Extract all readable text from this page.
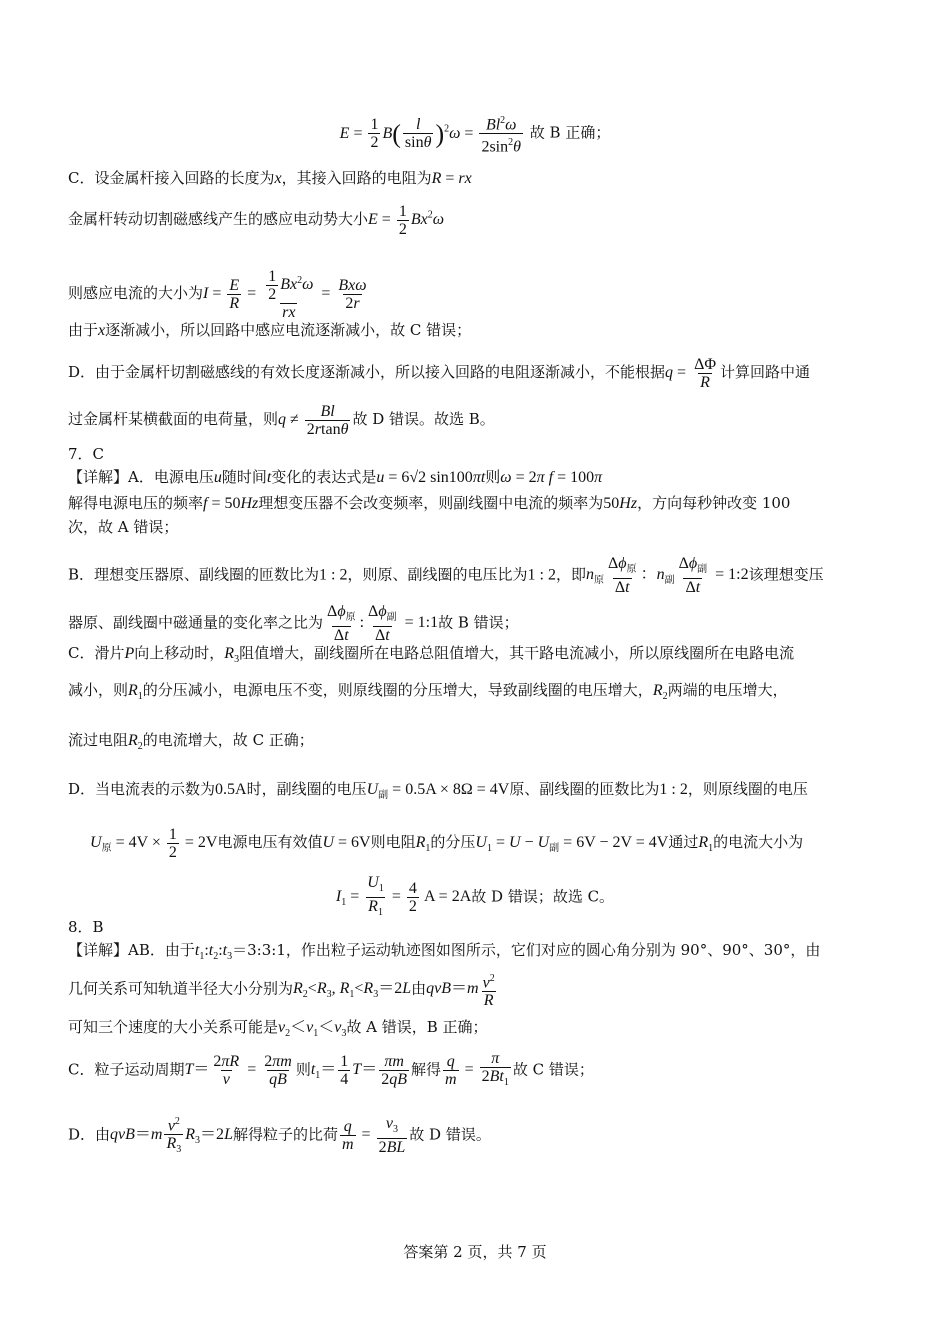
$E = \frac{1}{2} B( \frac{l}{\sin\theta} )^2\omega = \frac{Bl^2\omega}{2\sin^2\theta}$ 故 B 正确；
C．设金属杆接入回路的长度为x，其接入回路的电阻为R = rx
金属杆转动切割磁感线产生的感应电动势大小$E = \frac{1}{2} Bx^2\omega$
则感应电流的大小为$I = \frac{E}{R} = \frac{\frac{1}{2} Bx^2\omega}{rx} = \frac{\text{Bxω}}{2r}$
由于x逐渐减小，所以回路中感应电流逐渐减小，故 C 错误；
D．由于金属杆切割磁感线的有效长度逐渐减小，所以接入回路的电阻逐渐减小，不能根据$q = \frac{\Delta\Phi}{R}$ 计算回路中通
过金属杆某横截面的电荷量，则$q \ne \frac{Bl}{2rtan\theta}$ 故 D 错误。故选 B。
7．C
【详解】A．电源电压u随时间t变化的表达式是u = 6√2 sin100πt则ω = 2π f = 100π
解得电源电压的频率f = 50Hz理想变压器不会改变频率，则副线圈中电流的频率为50Hz，方向每秒钟改变 100
次，故 A 错误；
B．理想变压器原、副线圈的匝数比为1 : 2，则原、副线圈的电压比为1 : 2，即$n_原 \frac{\Delta\phi_原}{\Delta t}$ ：$n_副 \frac{\Delta\phi_副}{\Delta t}$ = 1:2该理想变压
器原、副线圈中磁通量的变化率之比为 $\frac{\Delta\phi_原}{\Delta t}$ : $\frac{\Delta\phi_副}{\Delta t}$ = 1:1故 B 错误；
C．滑片P向上移动时，$R_3$阻值增大，副线圈所在电路总阻值增大，其干路电流减小，所以原线圈所在电路电流
减小，则$R_1$的分压减小，电源电压不变，则原线圈的分压增大，导致副线圈的电压增大，$R_2$两端的电压增大，
流过电阻$R_2$的电流增大，故 C 正确；
D．当电流表的示数为0.5A时，副线圈的电压$U_副 = 0.5A \times 8\Omega = 4V$原、副线圈的匝数比为1 : 2，则原线圈的电压
$U_原 = 4V \times \frac{1}{2} = 2V$电源电压有效值U = 6V则电阻$R_1$的分压$U_1 = U - U_副 = 6V - 2V = 4V$通过$R_1$的电流大小为
$I_1 = \frac{U_1}{R_1} = \frac{4}{2}$ A = 2A故 D 错误；故选 C。
8．B
【详解】AB．由于$t_1:t_2:t_3=3:3:1$，作出粒子运动轨迹图如图所示，它们对应的圆心角分别为 90°、90°、30°，由
几何关系可知轨道半径大小分别为$R_2<R_3$, $R_1<R_3=2L$由$qvB=m \frac{v^2}{R}$
可知三个速度的大小关系可能是$v_2<v_1<v_3$故 A 错误，B 正确；
C．粒子运动周期$T= \frac{2\pi R}{v} = \frac{2\pi m}{qB}$ 则$t_1= \frac{1}{4} T= \frac{\pi m}{2qB}$ 解得 $\frac{q}{m} = \frac{\pi}{2Bt_1}$ 故 C 错误；
D．由$qvB=m \frac{v^2}{R_3} R_3=2L$解得粒子的比荷 $\frac{q}{m} = \frac{v_3}{2BL}$ 故 D 错误。
答案第 2 页，共 7 页
